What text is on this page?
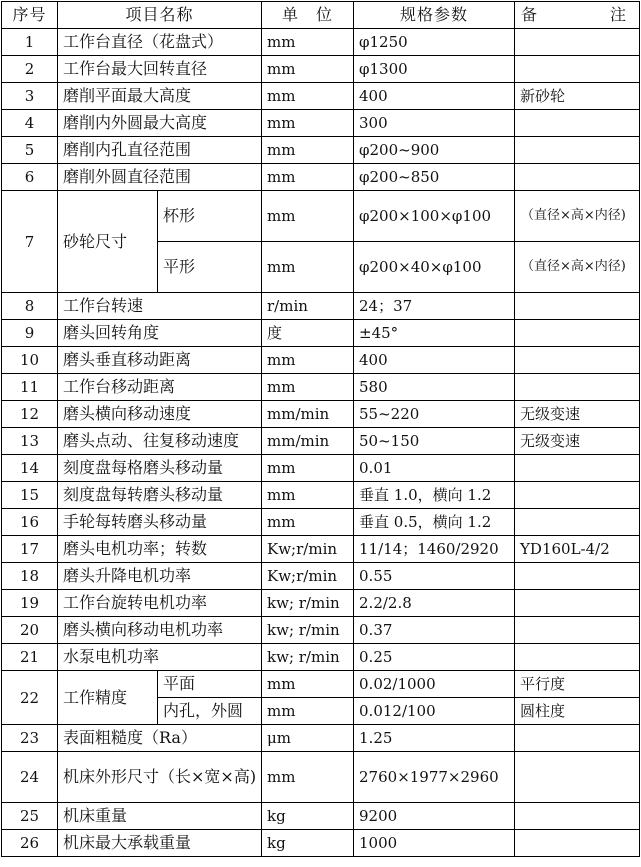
序号	项目名称		单　位	规格参数	备 注

1	工作台直径（花盘式）		mm	φ1250	
2	工作台最大回转直径		mm	φ1300	
3	磨削平面最大高度		mm	400	新砂轮
4	磨削内外圆最大高度		mm	300	
5	磨削内孔直径范围		mm	φ200~900	
6	磨削外圆直径范围		mm	φ200~850	
7	砂轮尺寸	杯形	mm	φ200×100×φ100	（直径×高×内径)
		平形	mm	φ200×40×φ100	（直径×高×内径)
8	工作台转速		r/min	24；37	
9	磨头回转角度		度	±45°	
10	磨头垂直移动距离		mm	400	
11	工作台移动距离		mm	580	
12	磨头横向移动速度		mm/min	55~220	无级变速
13	磨头点动、往复移动速度		mm/min	50~150	无级变速
14	刻度盘每格磨头移动量		mm	0.01	
15	刻度盘每转磨头移动量		mm	垂直 1.0，横向 1.2	
16	手轮每转磨头移动量		mm	垂直 0.5，横向 1.2	
17	磨头电机功率；转数		Kw;r/min	11/14；1460/2920	YD160L-4/2
18	磨头升降电机功率		Kw;r/min	0.55	
19	工作台旋转电机功率		kw; r/min	2.2/2.8	
20	磨头横向移动电机功率		kw; r/min	0.37	
21	水泵电机功率		kw; r/min	0.25	
22	工作精度	平面	mm	0.02/1000	平行度
		内孔，外圆	mm	0.012/100	圆柱度
23	表面粗糙度（Ra）		μm	1.25	
24	机床外形尺寸（长×宽×高)		mm	2760×1977×2960	
25	机床重量		kg	9200	
26	机床最大承载重量		kg	1000	
